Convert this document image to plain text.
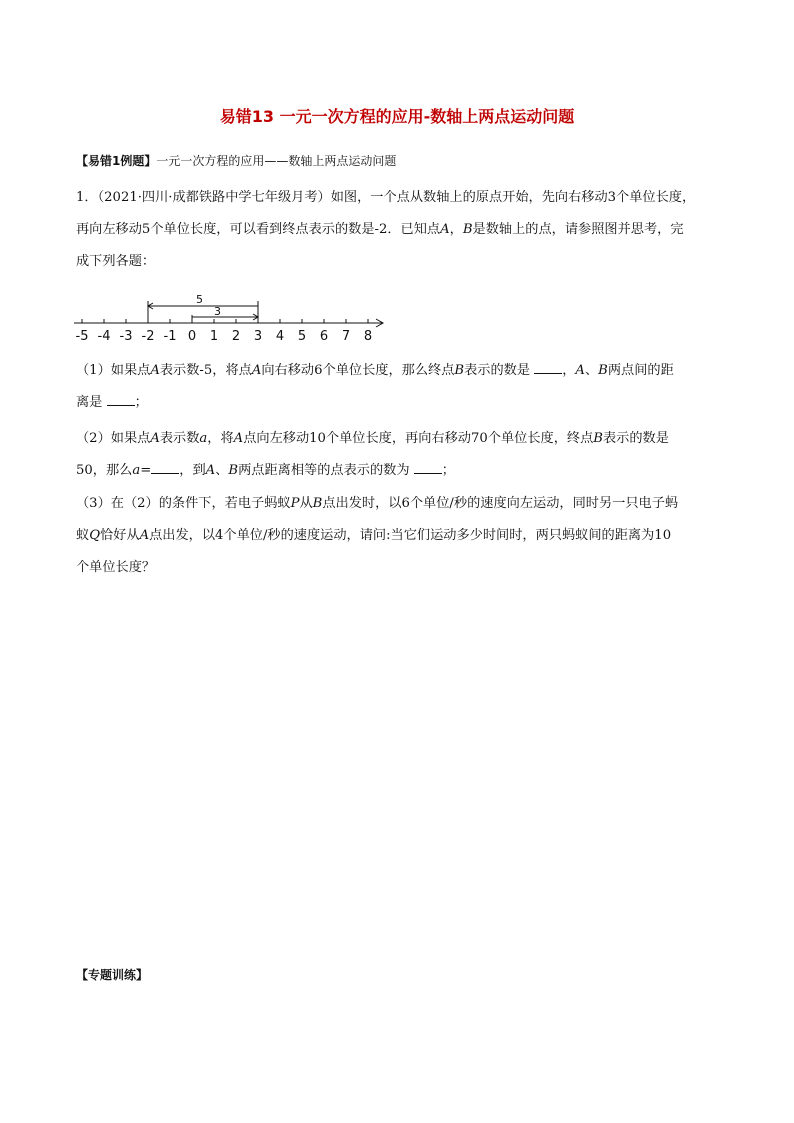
易错13 一元一次方程的应用-数轴上两点运动问题
【易错1例题】一元一次方程的应用——数轴上两点运动问题
1．（2021·四川·成都铁路中学七年级月考）如图，一个点从数轴上的原点开始，先向右移动3个单位长度，
再向左移动5个单位长度，可以看到终点表示的数是-2．已知点A，B是数轴上的点，请参照图并思考，完
成下列各题：
-5 -4 -3 -2 -1 0 1 2 3 4 5 6 7 8
5
3
（1）如果点A表示数-5，将点A向右移动6个单位长度，那么终点B表示的数是 ，A、B两点间的距
离是 ；
（2）如果点A表示数a，将A点向左移动10个单位长度，再向右移动70个单位长度，终点B表示的数是
50，那么a= ，到A、B两点距离相等的点表示的数为 ；
（3）在（2）的条件下，若电子蚂蚁P从B点出发时，以6个单位/秒的速度向左运动，同时另一只电子蚂
蚁Q恰好从A点出发，以4个单位/秒的速度运动，请问:当它们运动多少时间时，两只蚂蚁间的距离为10
个单位长度？
【专题训练】
